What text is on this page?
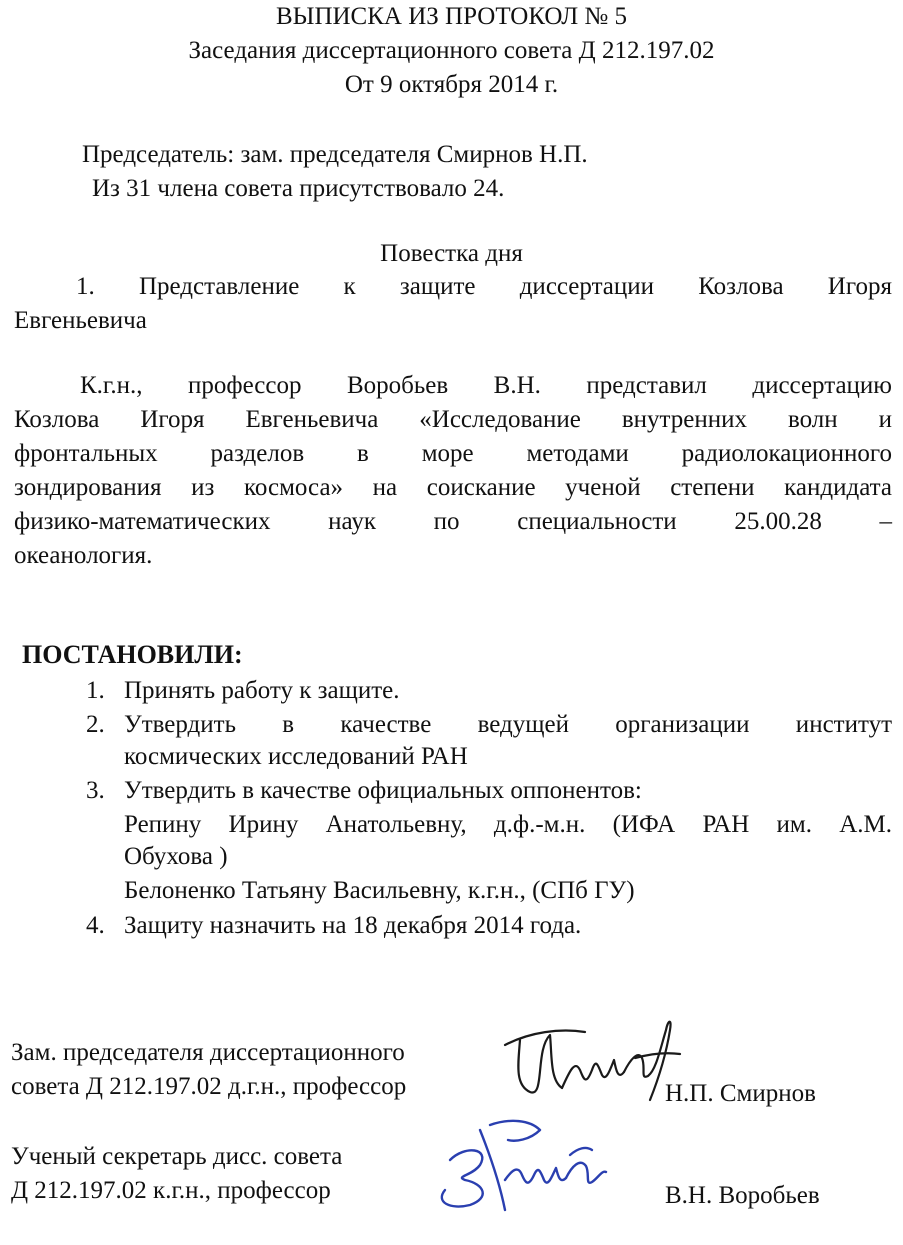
ВЫПИСКА ИЗ ПРОТОКОЛ № 5
Заседания диссертационного совета Д 212.197.02
От 9 октября 2014 г.
Председатель: зам. председателя Смирнов Н.П.
Из 31 члена совета присутствовало 24.
Повестка дня
1. Представление к защите диссертации Козлова Игоря
Евгеньевича
К.г.н., профессор Воробьев В.Н. представил диссертацию
Козлова Игоря Евгеньевича «Исследование внутренних волн и
фронтальных разделов в море методами радиолокационного
зондирования из космоса» на соискание ученой степени кандидата
физико-математических наук по специальности 25.00.28 –
океанология.
ПОСТАНОВИЛИ:
1. Принять работу к защите.
2. Утвердить в качестве ведущей организации институт
космических исследований РАН
3. Утвердить в качестве официальных оппонентов:
Репину Ирину Анатольевну, д.ф.-м.н. (ИФА РАН им. А.М.
Обухова )
Белоненко Татьяну Васильевну, к.г.н., (СПб ГУ)
4. Защиту назначить на 18 декабря 2014 года.
Зам. председателя диссертационного
совета Д 212.197.02 д.г.н., профессор	Н.П. Смирнов
Ученый секретарь дисс. совета
Д 212.197.02 к.г.н., профессор	В.Н. Воробьев
